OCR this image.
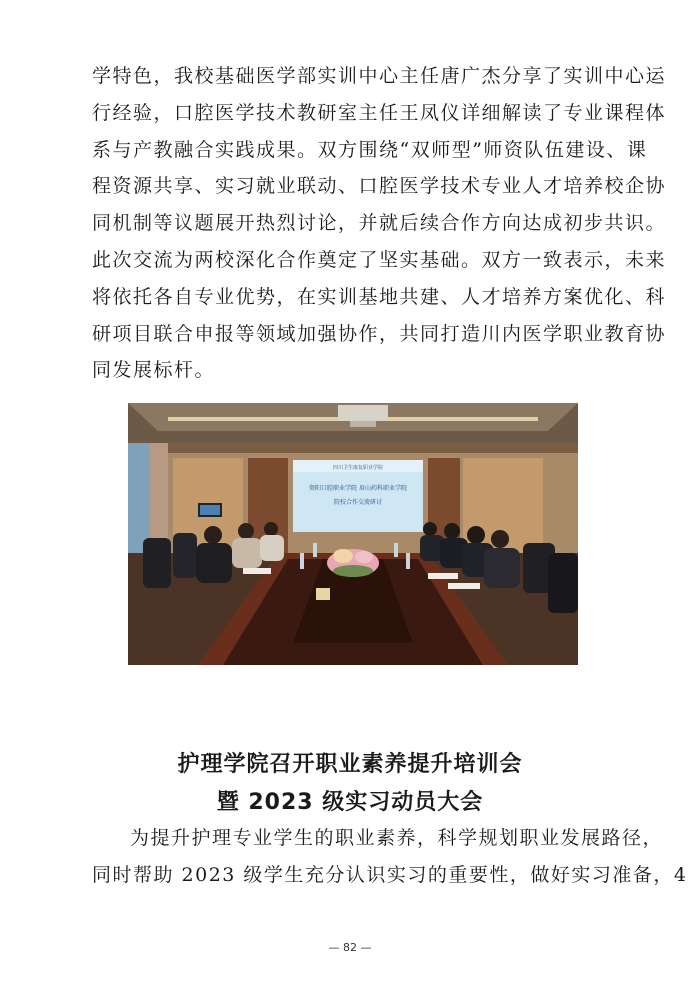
学特色，我校基础医学部实训中心主任唐广杰分享了实训中心运
行经验，口腔医学技术教研室主任王凤仪详细解读了专业课程体
系与产教融合实践成果。双方围绕“双师型”师资队伍建设、课
程资源共享、实习就业联动、口腔医学技术专业人才培养校企协
同机制等议题展开热烈讨论，并就后续合作方向达成初步共识。
此次交流为两校深化合作奠定了坚实基础。双方一致表示，未来
将依托各自专业优势，在实训基地共建、人才培养方案优化、科
研项目联合申报等领域加强协作，共同打造川内医学职业教育协
同发展标杆。
四川卫生康复职业学院
资阳口腔职业学院 眉山药科职业学院
院校合作交流研讨
护理学院召开职业素养提升培训会
暨 2023 级实习动员大会
为提升护理专业学生的职业素养，科学规划职业发展路径，
同时帮助 2023 级学生充分认识实习的重要性，做好实习准备，4
— 82 —
